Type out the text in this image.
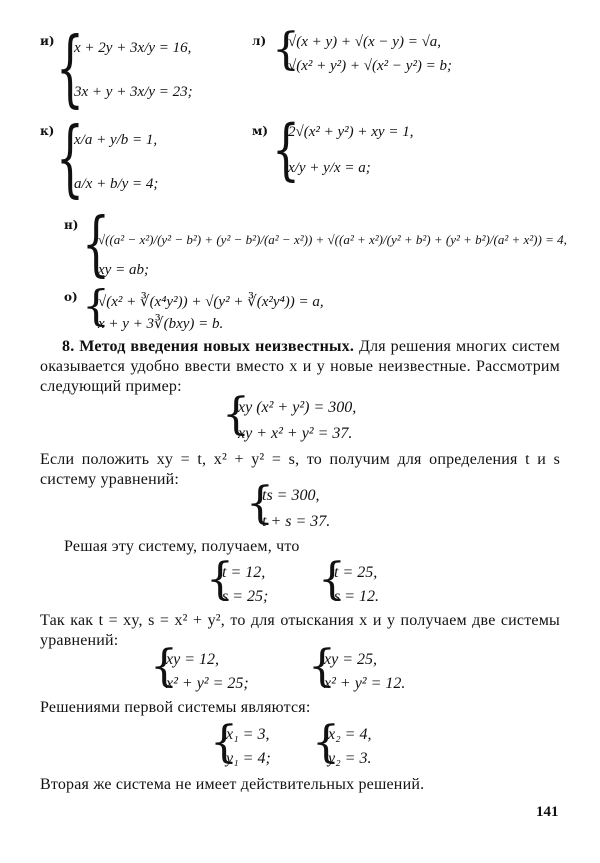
и) {
x + 2y + 3x/y = 16,
3x + y + 3x/y = 23;
л) {
√(x + y) + √(x − y) = √a,
√(x² + y²) + √(x² − y²) = b;
к) {
x/a + y/b = 1,
a/x + b/y = 4;
м) {
2√(x² + y²) + xy = 1,
x/y + y/x = a;
н) {
√((a² − x²)/(y² − b²) + (y² − b²)/(a² − x²)) + √((a² + x²)/(y² + b²) + (y² + b²)/(a² + x²)) = 4,
xy = ab;
о) {
√(x² + ∛(x⁴y²)) + √(y² + ∛(x²y⁴)) = a,
x + y + 3∛(bxy) = b.
8. Метод введения новых неизвестных. Для решения многих систем оказывается удобно ввести вместо x и y новые неизвестные. Рассмотрим следующий пример:
{
xy (x² + y²) = 300,
xy + x² + y² = 37.
Если положить xy = t, x² + y² = s, то получим для определения t и s систему уравнений:	{
ts = 300,
t + s = 37.
Решая эту систему, получаем, что
{
t = 12,
s = 25; {
t = 25,
s = 12.
Так как t = xy, s = x² + y², то для отыскания x и y получаем две системы уравнений:
{
xy = 12,
x² + y² = 25; {
xy = 25,
x² + y² = 12.
Решениями первой системы являются:
{
x₁ = 3,
y₁ = 4; {
x₂ = 4,
y₂ = 3.
Вторая же система не имеет действительных решений.
141
